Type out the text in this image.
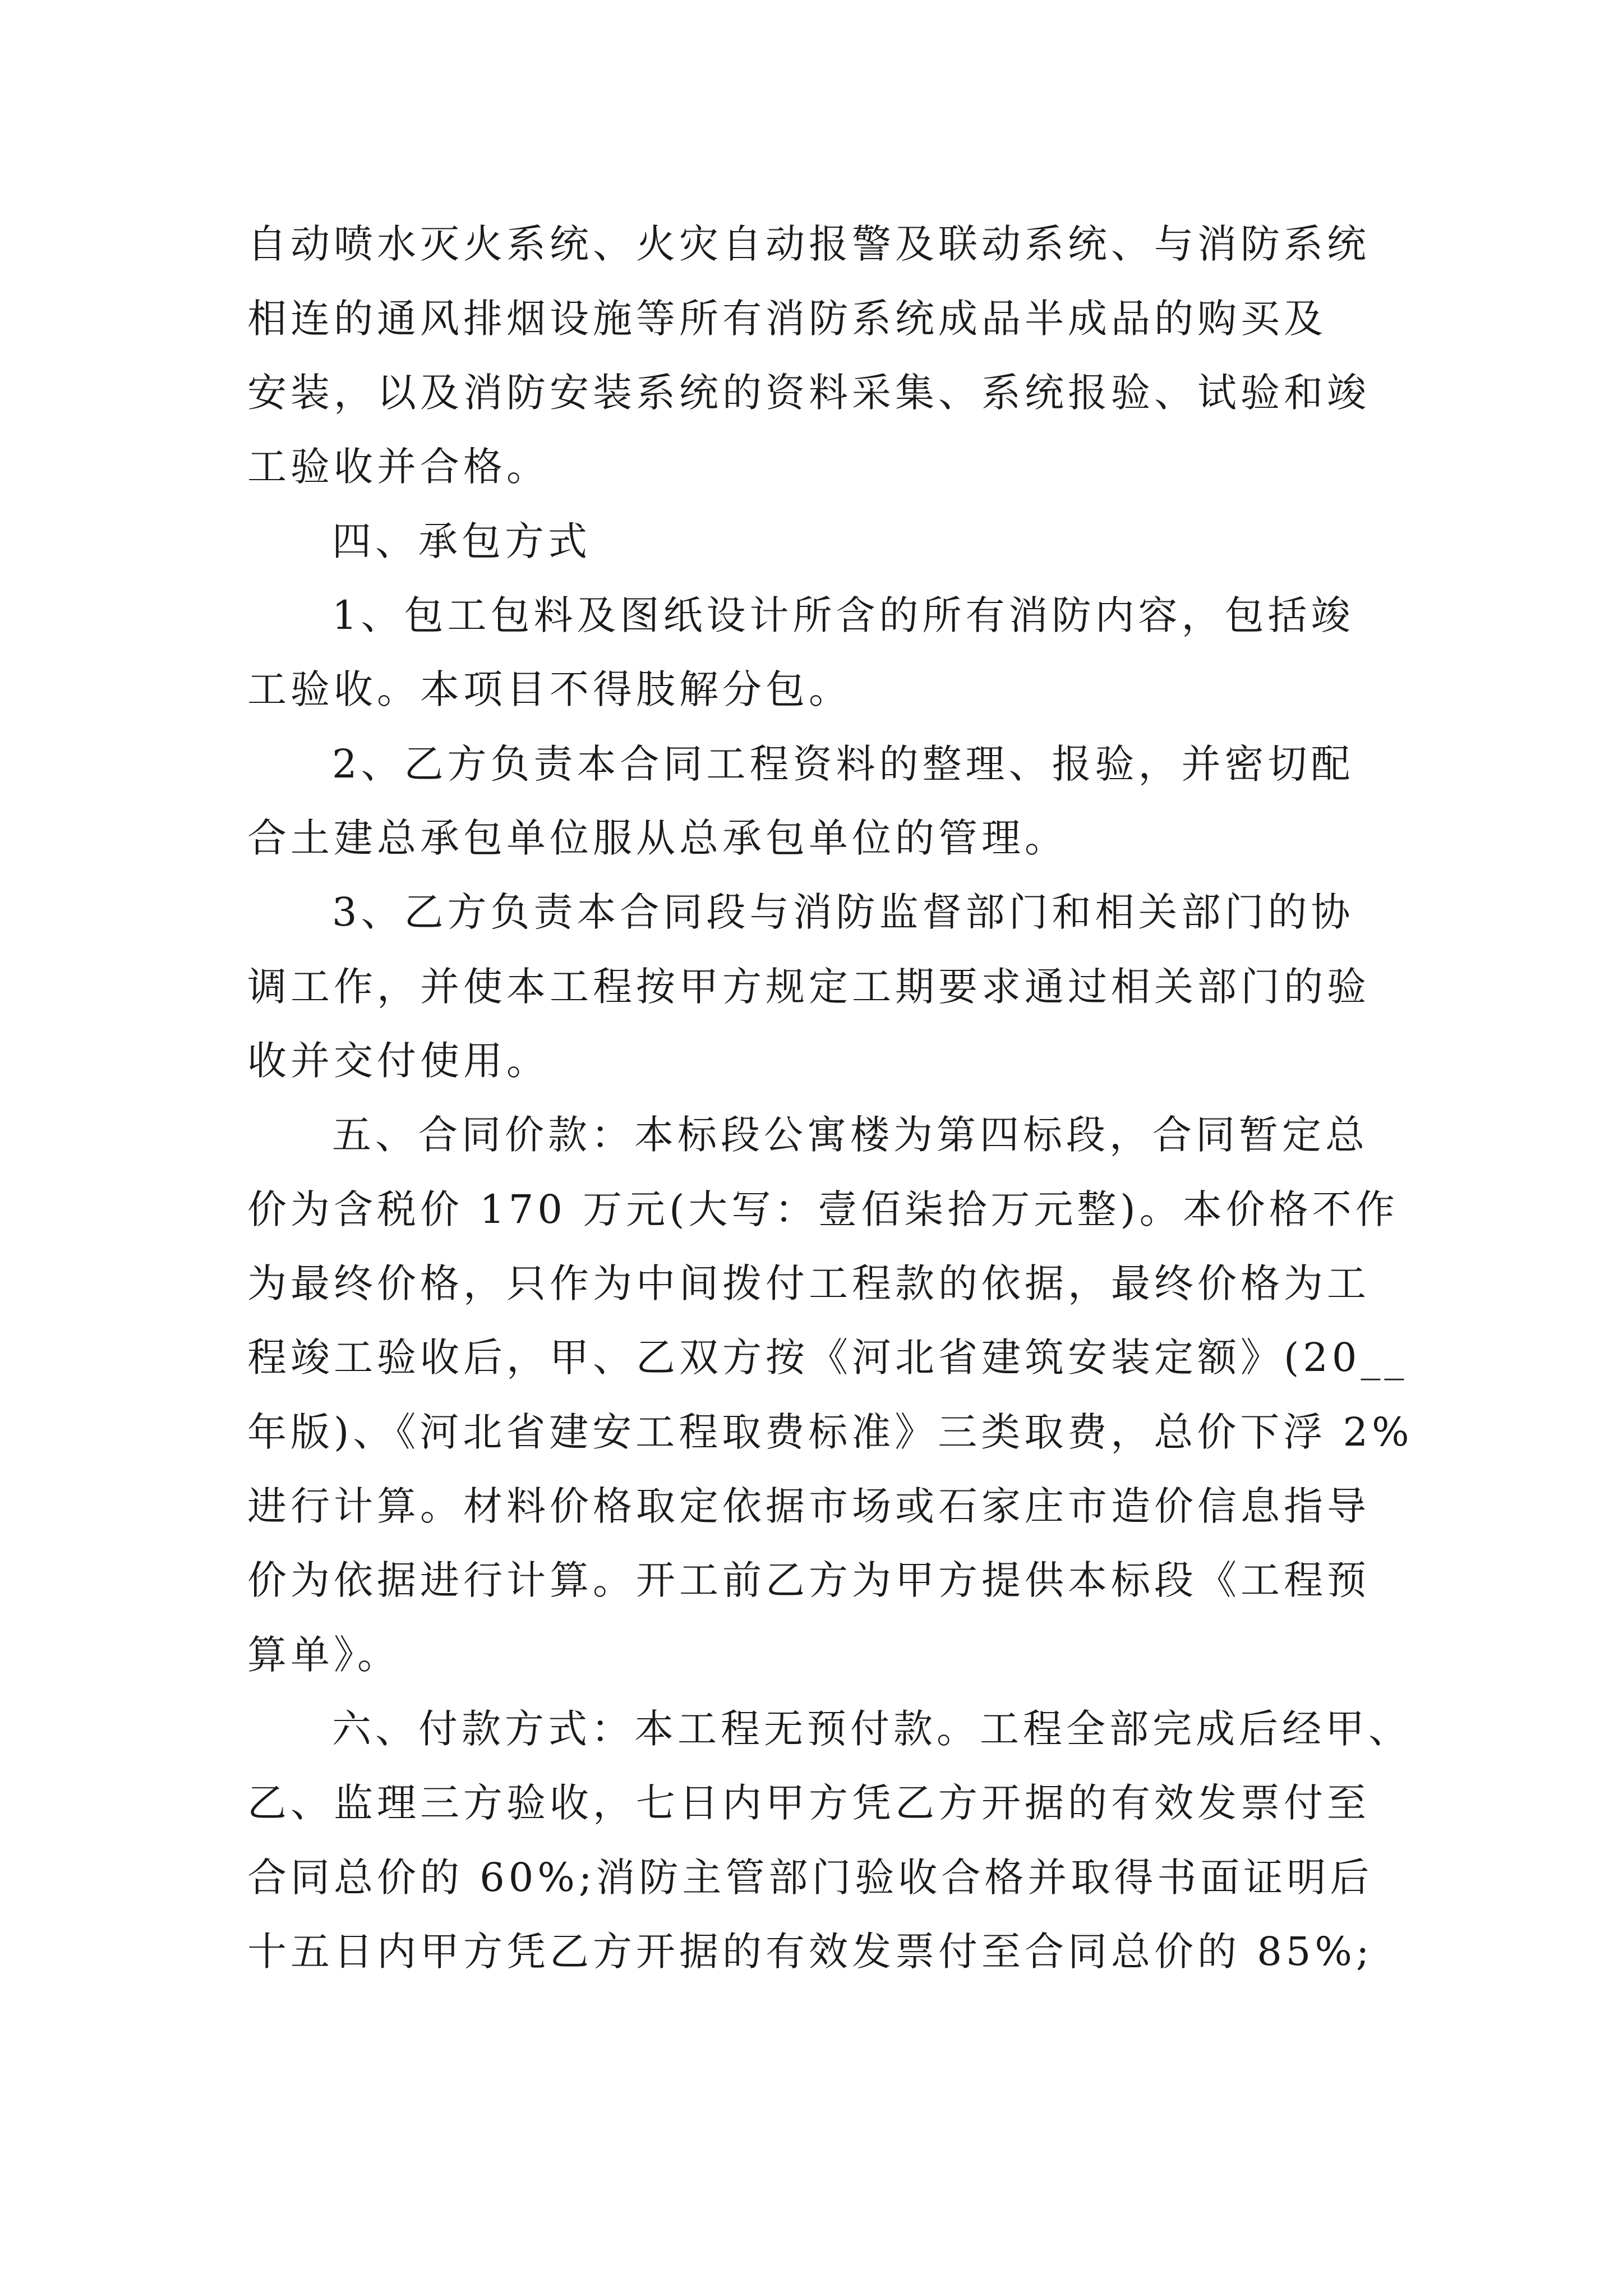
自动喷水灭火系统、火灾自动报警及联动系统、与消防系统
相连的通风排烟设施等所有消防系统成品半成品的购买及
安装，以及消防安装系统的资料采集、系统报验、试验和竣
工验收并合格。
四、承包方式
1、包工包料及图纸设计所含的所有消防内容，包括竣
工验收。本项目不得肢解分包。
2、乙方负责本合同工程资料的整理、报验，并密切配
合土建总承包单位服从总承包单位的管理。
3、乙方负责本合同段与消防监督部门和相关部门的协
调工作，并使本工程按甲方规定工期要求通过相关部门的验
收并交付使用。
五、合同价款：本标段公寓楼为第四标段，合同暂定总
价为含税价 170 万元(大写：壹佰柒拾万元整)。本价格不作
为最终价格，只作为中间拨付工程款的依据，最终价格为工
程竣工验收后，甲、乙双方按《河北省建筑安装定额》(20__
年版)、《河北省建安工程取费标准》三类取费，总价下浮 2%
进行计算。材料价格取定依据市场或石家庄市造价信息指导
价为依据进行计算。开工前乙方为甲方提供本标段《工程预
算单》。
六、付款方式：本工程无预付款。工程全部完成后经甲、
乙、监理三方验收，七日内甲方凭乙方开据的有效发票付至
合同总价的 60%;消防主管部门验收合格并取得书面证明后
十五日内甲方凭乙方开据的有效发票付至合同总价的 85%;
